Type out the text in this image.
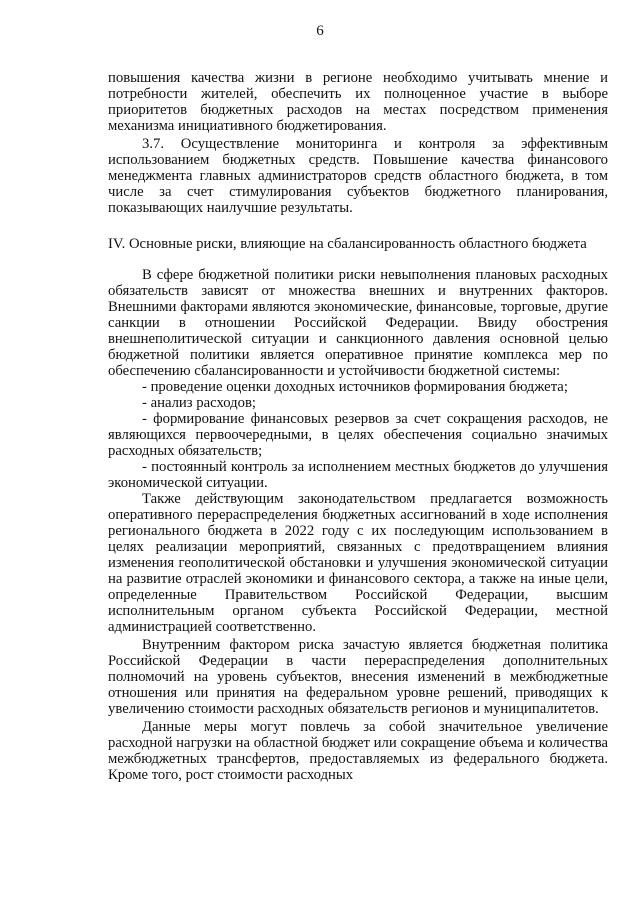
6

повышения качества жизни в регионе необходимо учитывать мнение и потребности жителей, обеспечить их полноценное участие в выборе приоритетов бюджетных расходов на местах посредством применения механизма инициативного бюджетирования.

3.7. Осуществление мониторинга и контроля за эффективным использованием бюджетных средств. Повышение качества финансового менеджмента главных администраторов средств областного бюджета, в том числе за счет стимулирования субъектов бюджетного планирования, показывающих наилучшие результаты.

IV. Основные риски, влияющие на сбалансированность областного бюджета

В сфере бюджетной политики риски невыполнения плановых расходных обязательств зависят от множества внешних и внутренних факторов. Внешними факторами являются экономические, финансовые, торговые, другие санкции в отношении Российской Федерации. Ввиду обострения внешнеполитической ситуации и санкционного давления основной целью бюджетной политики является оперативное принятие комплекса мер по обеспечению сбалансированности и устойчивости бюджетной системы:

- проведение оценки доходных источников формирования бюджета;

- анализ расходов;

- формирование финансовых резервов за счет сокращения расходов, не являющихся первоочередными, в целях обеспечения социально значимых расходных обязательств;

- постоянный контроль за исполнением местных бюджетов до улучшения экономической ситуации.

Также действующим законодательством предлагается возможность оперативного перераспределения бюджетных ассигнований в ходе исполнения регионального бюджета в 2022 году с их последующим использованием в целях реализации мероприятий, связанных с предотвращением влияния изменения геополитической обстановки и улучшения экономической ситуации на развитие отраслей экономики и финансового сектора, а также на иные цели, определенные Правительством Российской Федерации, высшим исполнительным органом субъекта Российской Федерации, местной администрацией соответственно.

Внутренним фактором риска зачастую является бюджетная политика Российской Федерации в части перераспределения дополнительных полномочий на уровень субъектов, внесения изменений в межбюджетные отношения или принятия на федеральном уровне решений, приводящих к увеличению стоимости расходных обязательств регионов и муниципалитетов.

Данные меры могут повлечь за собой значительное увеличение расходной нагрузки на областной бюджет или сокращение объема и количества межбюджетных трансфертов, предоставляемых из федерального бюджета. Кроме того, рост стоимости расходных
